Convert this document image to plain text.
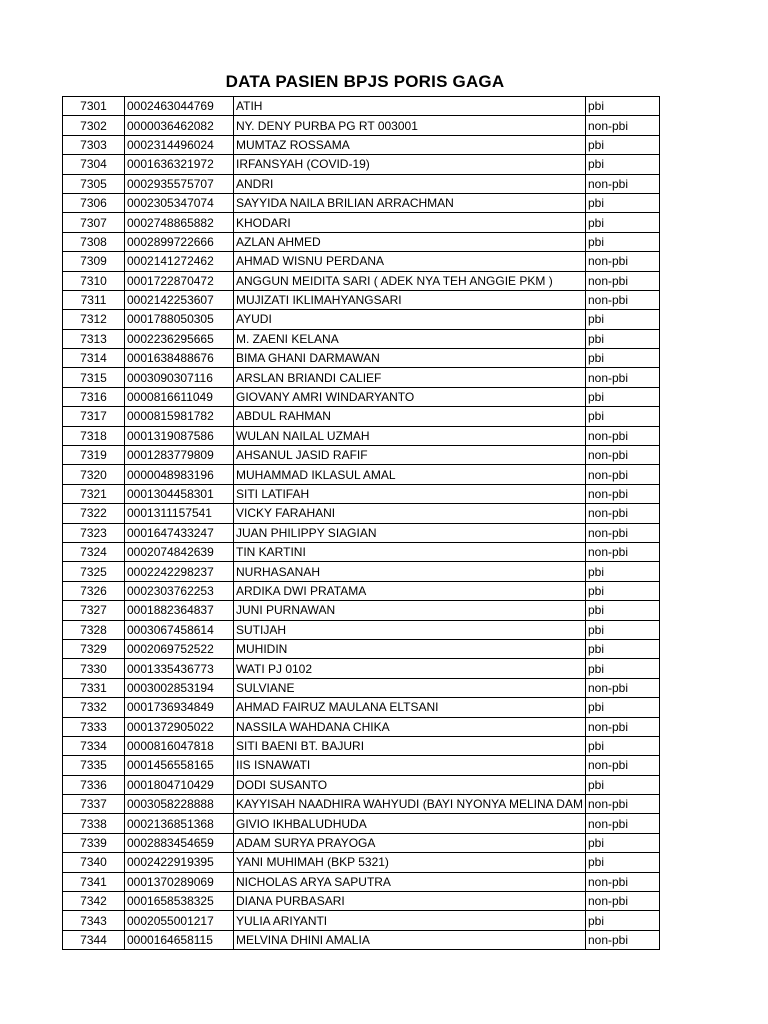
DATA PASIEN BPJS PORIS GAGA
7301	0002463044769	ATIH	pbi
7302	0000036462082	NY. DENY PURBA PG RT 003001	non-pbi
7303	0002314496024	MUMTAZ ROSSAMA	pbi
7304	0001636321972	IRFANSYAH (COVID-19)	pbi
7305	0002935575707	ANDRI	non-pbi
7306	0002305347074	SAYYIDA NAILA BRILIAN ARRACHMAN	pbi
7307	0002748865882	KHODARI	pbi
7308	0002899722666	AZLAN AHMED	pbi
7309	0002141272462	AHMAD WISNU PERDANA	non-pbi
7310	0001722870472	ANGGUN MEIDITA SARI ( ADEK NYA TEH ANGGIE PKM )	non-pbi
7311	0002142253607	MUJIZATI IKLIMAHYANGSARI	non-pbi
7312	0001788050305	AYUDI	pbi
7313	0002236295665	M. ZAENI KELANA	pbi
7314	0001638488676	BIMA GHANI DARMAWAN	pbi
7315	0003090307116	ARSLAN BRIANDI CALIEF	non-pbi
7316	0000816611049	GIOVANY AMRI WINDARYANTO	pbi
7317	0000815981782	ABDUL RAHMAN	pbi
7318	0001319087586	WULAN NAILAL UZMAH	non-pbi
7319	0001283779809	AHSANUL JASID RAFIF	non-pbi
7320	0000048983196	MUHAMMAD IKLASUL AMAL	non-pbi
7321	0001304458301	SITI LATIFAH	non-pbi
7322	0001311157541	VICKY FARAHANI	non-pbi
7323	0001647433247	JUAN PHILIPPY SIAGIAN	non-pbi
7324	0002074842639	TIN KARTINI	non-pbi
7325	0002242298237	NURHASANAH	pbi
7326	0002303762253	ARDIKA DWI PRATAMA	pbi
7327	0001882364837	JUNI PURNAWAN	pbi
7328	0003067458614	SUTIJAH	pbi
7329	0002069752522	MUHIDIN	pbi
7330	0001335436773	WATI PJ 0102	pbi
7331	0003002853194	SULVIANE	non-pbi
7332	0001736934849	AHMAD FAIRUZ MAULANA ELTSANI	pbi
7333	0001372905022	NASSILA WAHDANA CHIKA	non-pbi
7334	0000816047818	SITI BAENI BT. BAJURI	pbi
7335	0001456558165	IIS ISNAWATI	non-pbi
7336	0001804710429	DODI SUSANTO	pbi
7337	0003058228888	KAYYISAH NAADHIRA WAHYUDI (BAYI NYONYA MELINA DAM	non-pbi
7338	0002136851368	GIVIO IKHBALUDHUDA	non-pbi
7339	0002883454659	ADAM SURYA PRAYOGA	pbi
7340	0002422919395	YANI MUHIMAH (BKP 5321)	pbi
7341	0001370289069	NICHOLAS ARYA SAPUTRA	non-pbi
7342	0001658538325	DIANA PURBASARI	non-pbi
7343	0002055001217	YULIA ARIYANTI	pbi
7344	0000164658115	MELVINA DHINI AMALIA	non-pbi
